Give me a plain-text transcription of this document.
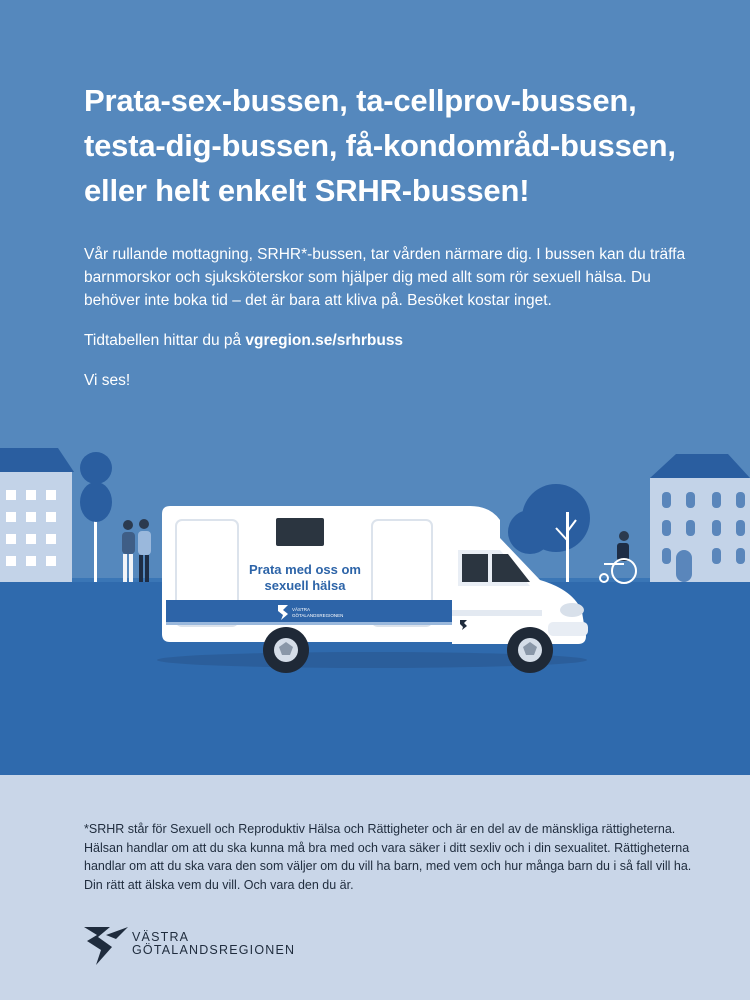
Prata-sex-bussen, ta-cellprov-bussen,
testa-dig-bussen, få-kondområd-bussen,
eller helt enkelt SRHR-bussen!

Vår rullande mottagning, SRHR*-bussen, tar vården närmare dig. I bussen kan du träffa barnmorskor och sjuksköterskor som hjälper dig med allt som rör sexuell hälsa. Du behöver inte boka tid – det är bara att kliva på. Besöket kostar inget.

Tidtabellen hittar du på vgregion.se/srhrbuss

Vi ses!

Prata med oss om
sexuell hälsa
VÄSTRA
GÖTALANDSREGIONEN

*SRHR står för Sexuell och Reproduktiv Hälsa och Rättigheter och är en del av de mänskliga rättigheterna. Hälsan handlar om att du ska kunna må bra med och vara säker i ditt sexliv och i din sexualitet. Rättigheterna handlar om att du ska vara den som väljer om du vill ha barn, med vem och hur många barn du i så fall vill ha. Din rätt att älska vem du vill. Och vara den du är.

VÄSTRA
GÖTALANDSREGIONEN
